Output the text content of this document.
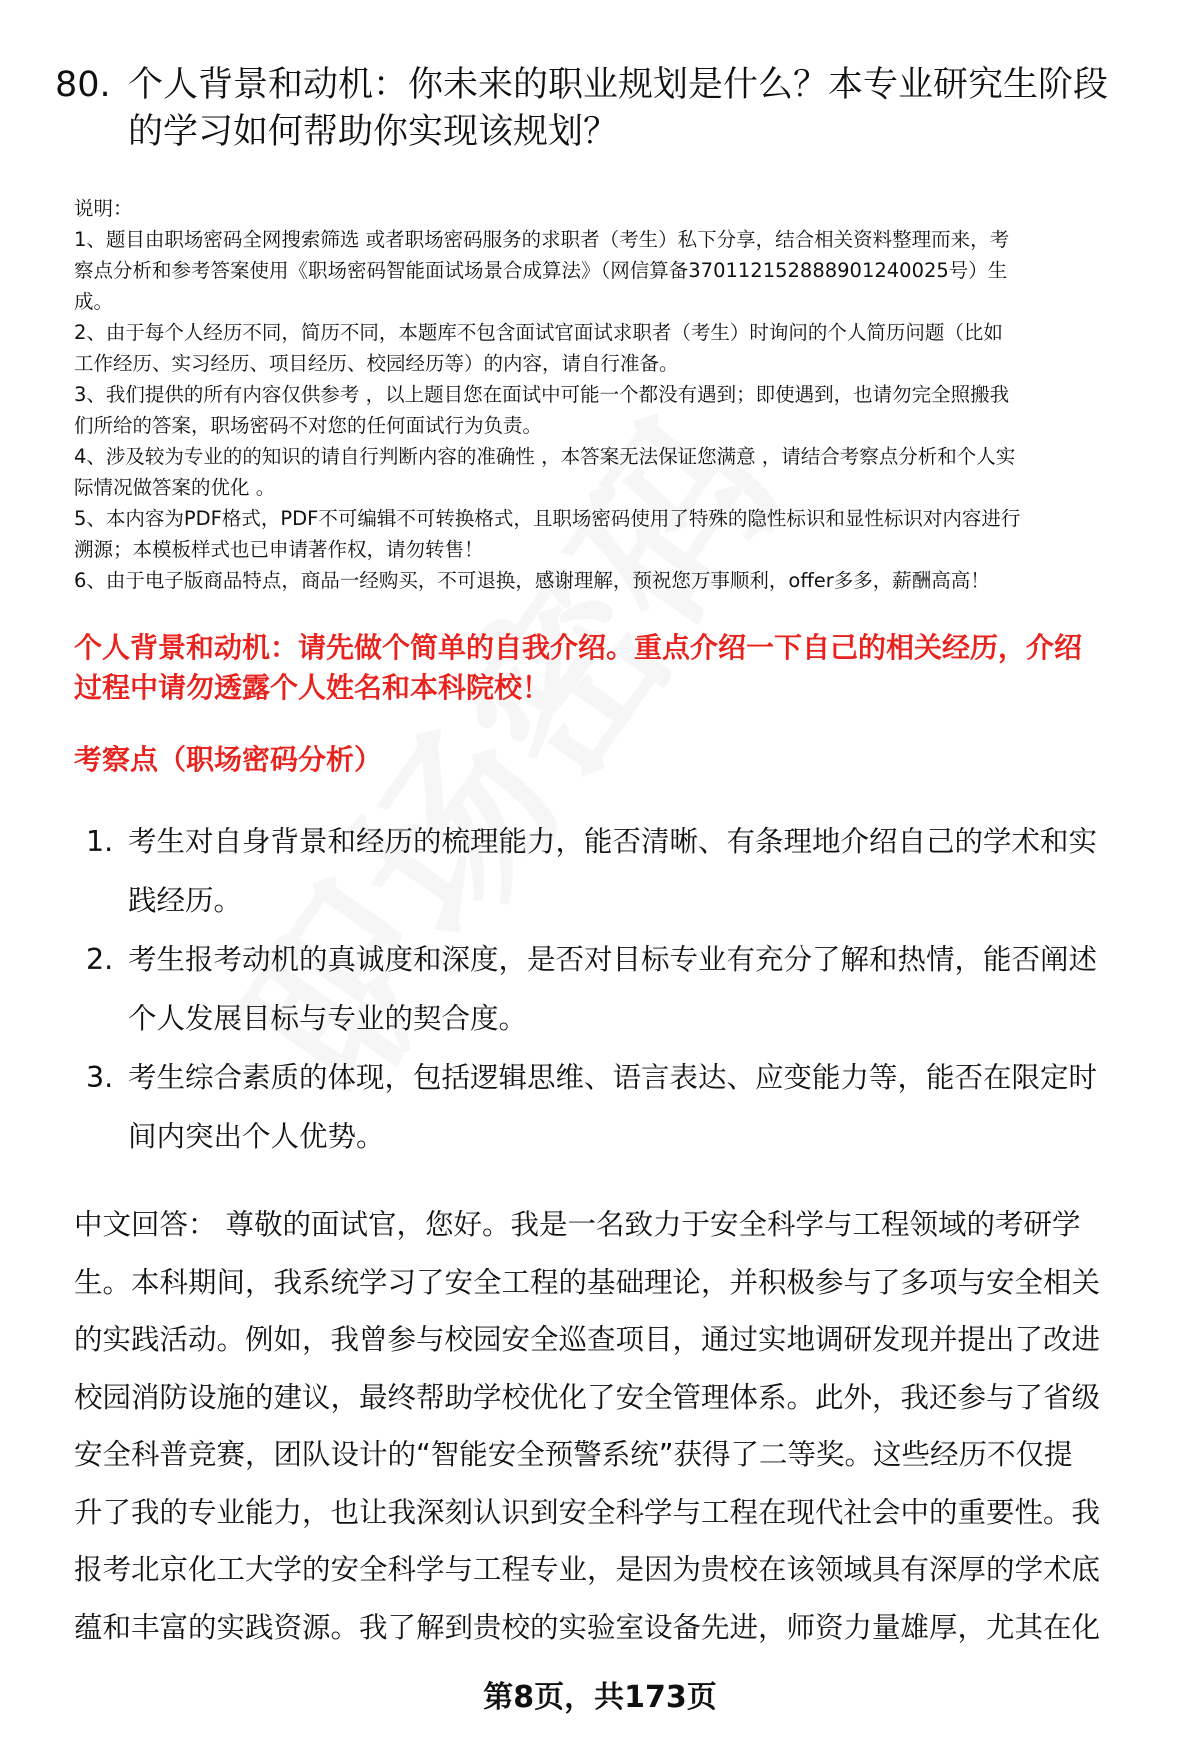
80. 个人背景和动机：你未来的职业规划是什么？本专业研究生阶段
的学习如何帮助你实现该规划？
说明：
1、题目由职场密码全网搜索筛选 或者职场密码服务的求职者（考生）私下分享，结合相关资料整理而来，考
察点分析和参考答案使用《职场密码智能面试场景合成算法》（网信算备370112152888901240025号）生
成。
2、由于每个人经历不同，简历不同，本题库不包含面试官面试求职者（考生）时询问的个人简历问题（比如
工作经历、实习经历、项目经历、校园经历等）的内容，请自行准备。
3、我们提供的所有内容仅供参考 ，以上题目您在面试中可能一个都没有遇到；即使遇到，也请勿完全照搬我
们所给的答案，职场密码不对您的任何面试行为负责。
4、涉及较为专业的的知识的请自行判断内容的准确性 ，本答案无法保证您满意 ，请结合考察点分析和个人实
际情况做答案的优化 。
5、本内容为PDF格式，PDF不可编辑不可转换格式，且职场密码使用了特殊的隐性标识和显性标识对内容进行
溯源；本模板样式也已申请著作权，请勿转售！
6、由于电子版商品特点，商品一经购买，不可退换，感谢理解，预祝您万事顺利，offer多多，薪酬高高！
个人背景和动机：请先做个简单的自我介绍。重点介绍一下自己的相关经历，介绍
过程中请勿透露个人姓名和本科院校！
考察点（职场密码分析）
1. 考生对自身背景和经历的梳理能力，能否清晰、有条理地介绍自己的学术和实
践经历。
2. 考生报考动机的真诚度和深度，是否对目标专业有充分了解和热情，能否阐述
个人发展目标与专业的契合度。
3. 考生综合素质的体现，包括逻辑思维、语言表达、应变能力等，能否在限定时
间内突出个人优势。
中文回答： 尊敬的面试官，您好。我是一名致力于安全科学与工程领域的考研学
生。本科期间，我系统学习了安全工程的基础理论，并积极参与了多项与安全相关
的实践活动。例如，我曾参与校园安全巡查项目，通过实地调研发现并提出了改进
校园消防设施的建议，最终帮助学校优化了安全管理体系。此外，我还参与了省级
安全科普竞赛，团队设计的“智能安全预警系统”获得了二等奖。这些经历不仅提
升了我的专业能力，也让我深刻认识到安全科学与工程在现代社会中的重要性。我
报考北京化工大学的安全科学与工程专业，是因为贵校在该领域具有深厚的学术底
蕴和丰富的实践资源。我了解到贵校的实验室设备先进，师资力量雄厚，尤其在化
第8页，共173页
